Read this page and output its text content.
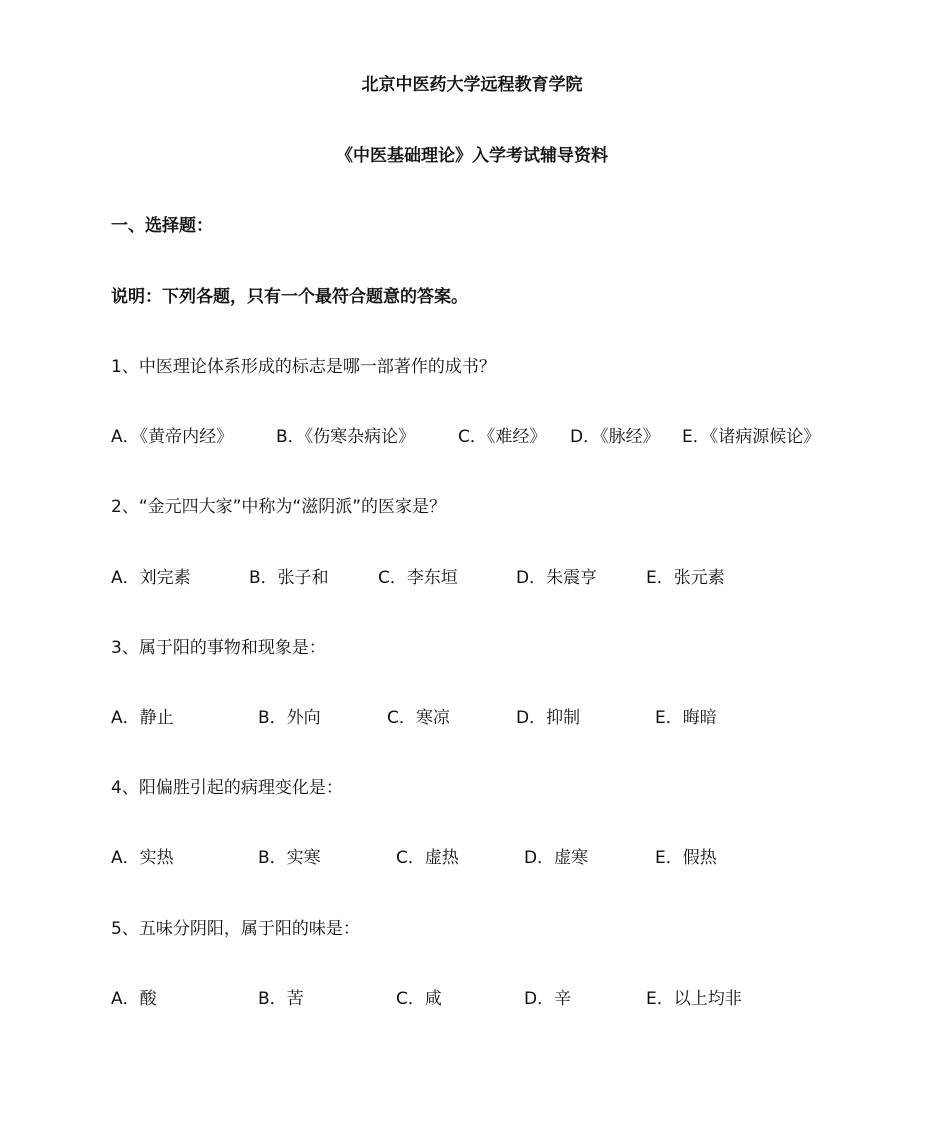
北京中医药大学远程教育学院
《中医基础理论》入学考试辅导资料
一、选择题：
说明：下列各题，只有一个最符合题意的答案。
1、中医理论体系形成的标志是哪一部著作的成书？
A．《黄帝内经》	B．《伤寒杂病论》	C．《难经》 D．《脉经》 E．《诸病源候论》
2、“金元四大家”中称为“滋阴派”的医家是？
A．刘完素	B．张子和	C．李东垣	D．朱震亨	E．张元素
3、属于阳的事物和现象是：
A．静止	B．外向	C．寒凉	D．抑制	E．晦暗
4、阳偏胜引起的病理变化是：
A．实热	B．实寒	C．虚热	D．虚寒	E．假热
5、五味分阴阳，属于阳的味是：
A．酸	B．苦	C．咸	D．辛	E．以上均非
